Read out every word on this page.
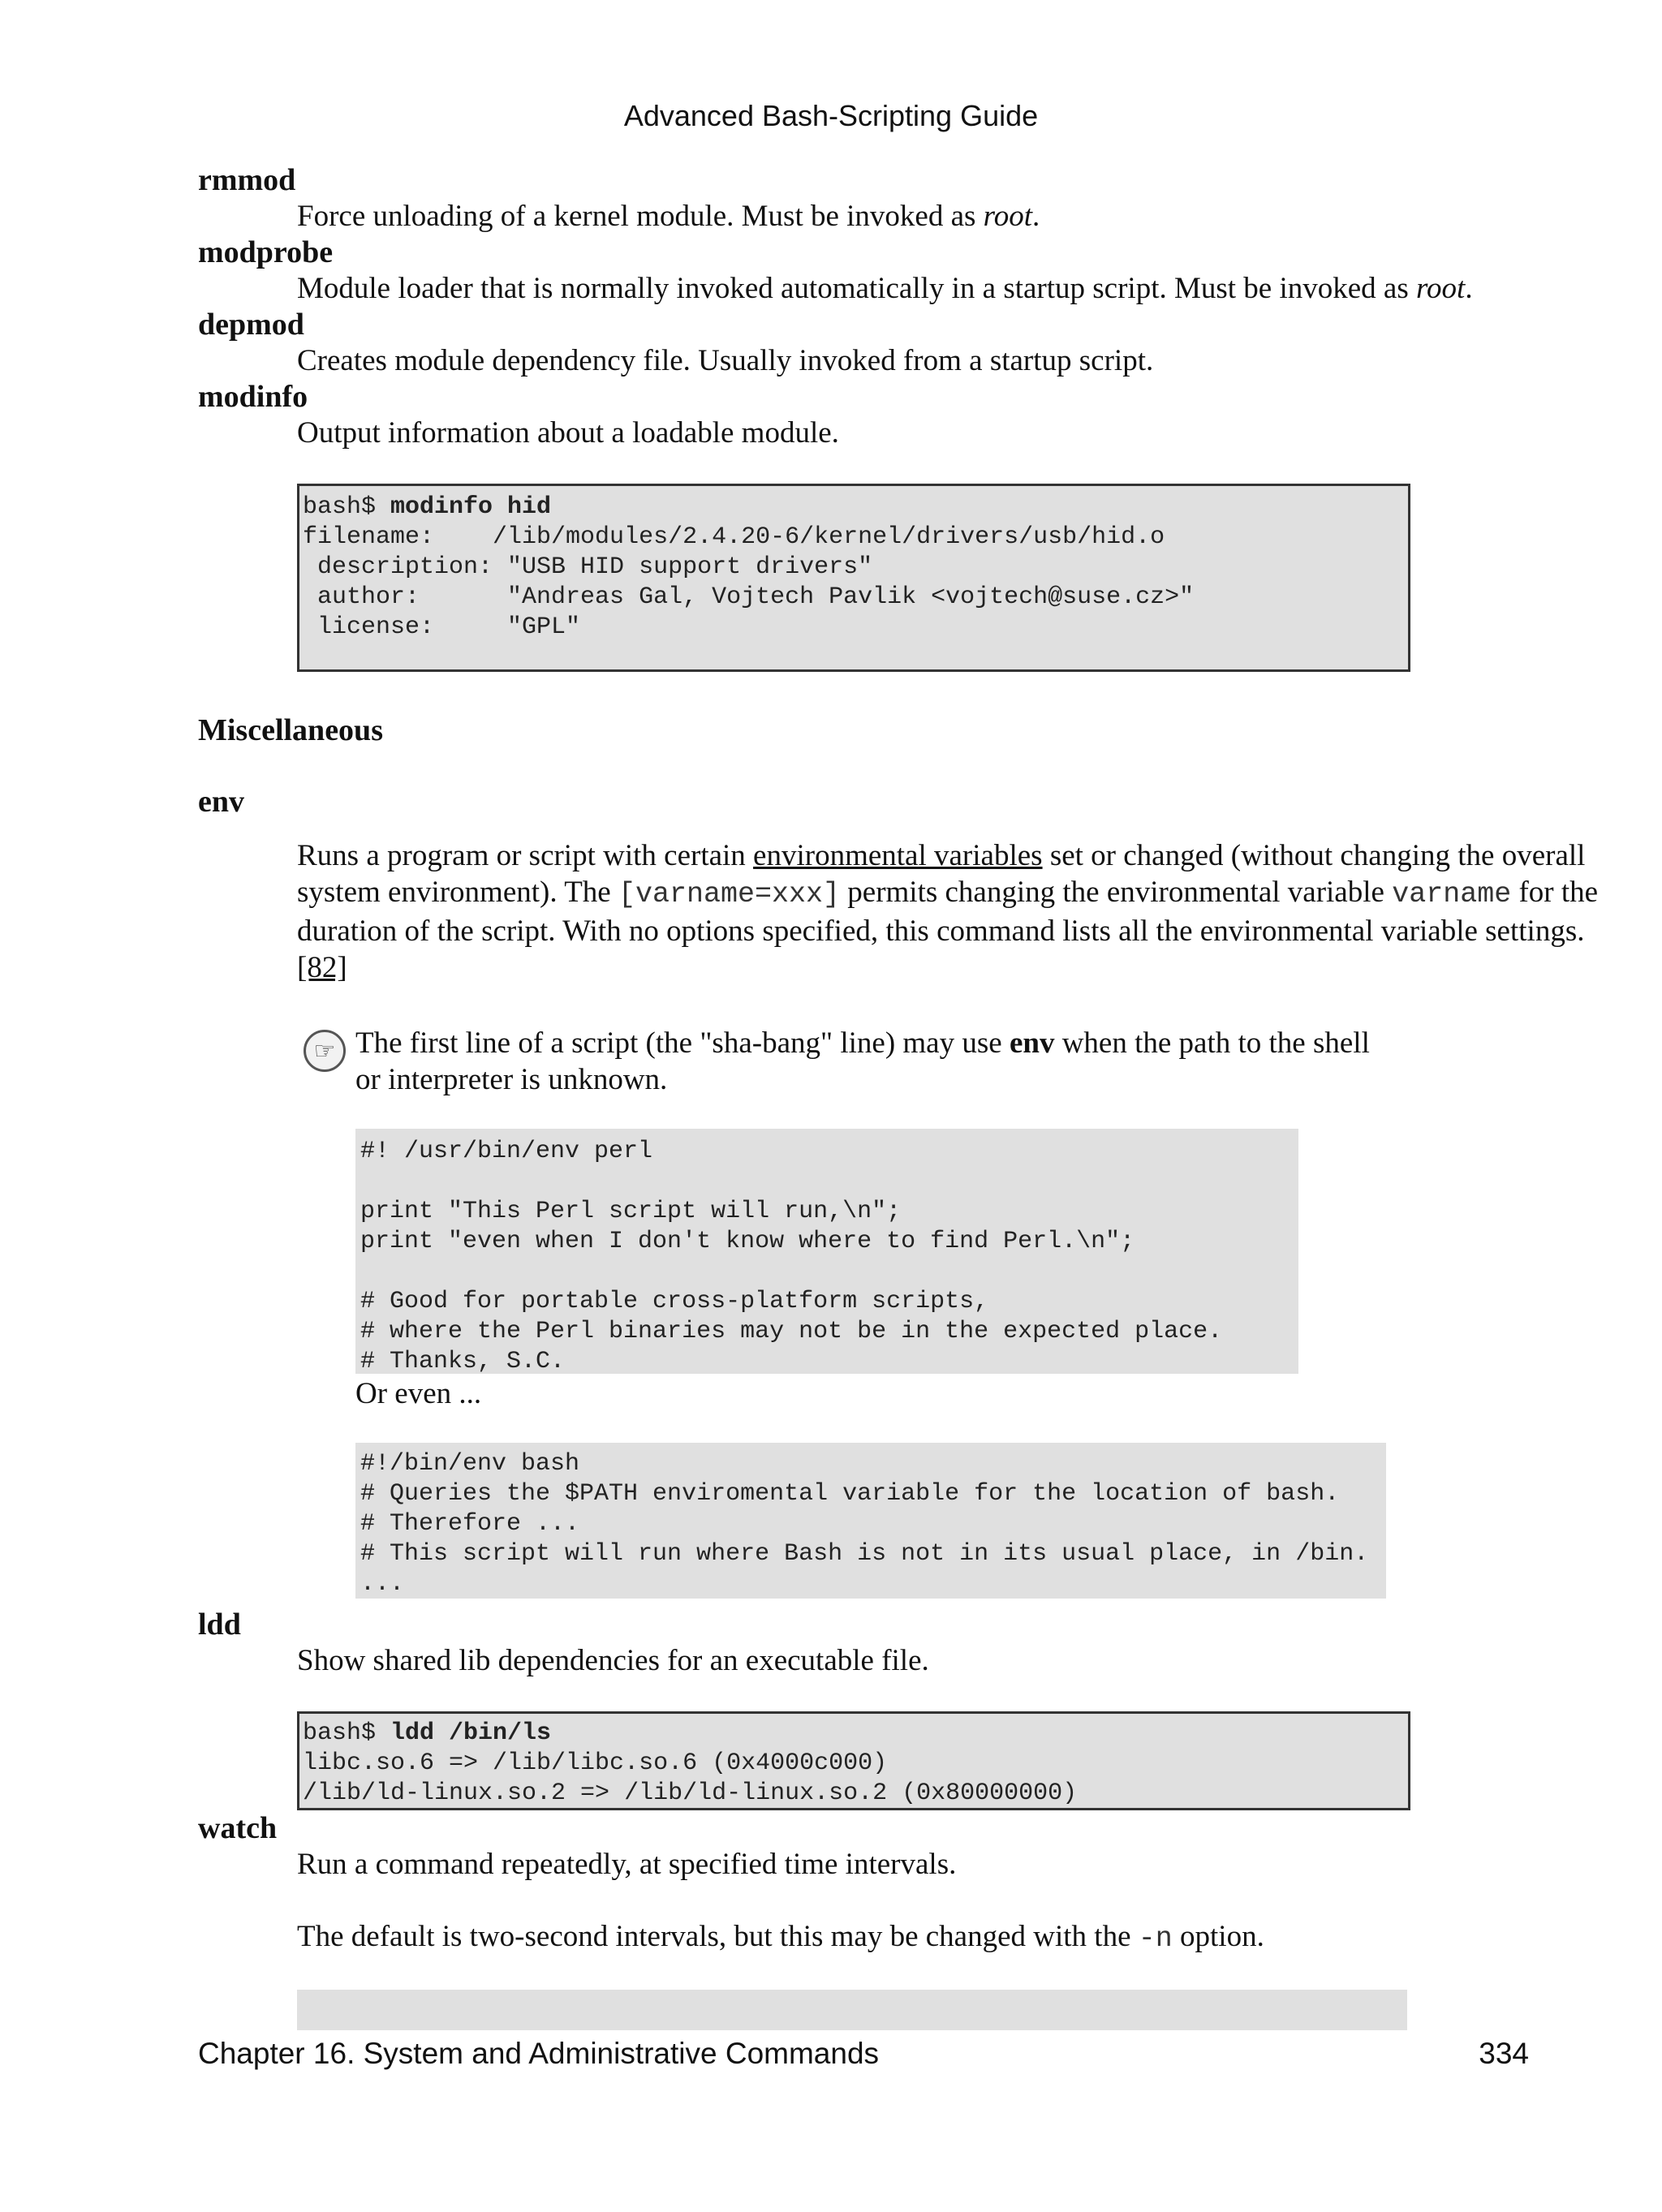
Advanced Bash-Scripting Guide
rmmod
Force unloading of a kernel module. Must be invoked as root.
modprobe
Module loader that is normally invoked automatically in a startup script. Must be invoked as root.
depmod
Creates module dependency file. Usually invoked from a startup script.
modinfo
Output information about a loadable module.
bash$ modinfo hid
filename:    /lib/modules/2.4.20-6/kernel/drivers/usb/hid.o
description: "USB HID support drivers"
author:      "Andreas Gal, Vojtech Pavlik <vojtech@suse.cz>"
license:     "GPL"

Miscellaneous
env
Runs a program or script with certain environmental variables set or changed (without changing the overall system environment). The [varname=xxx] permits changing the environmental variable varname for the duration of the script. With no options specified, this command lists all the environmental variable settings. [82]
☞ The first line of a script (the "sha-bang" line) may use env when the path to the shell or interpreter is unknown.
#! /usr/bin/env perl

print "This Perl script will run,\n";
print "even when I don't know where to find Perl.\n";

# Good for portable cross-platform scripts,
# where the Perl binaries may not be in the expected place.
# Thanks, S.C.
Or even ...
#!/bin/env bash
# Queries the $PATH enviromental variable for the location of bash.
# Therefore ...
# This script will run where Bash is not in its usual place, in /bin.
...
ldd
Show shared lib dependencies for an executable file.
bash$ ldd /bin/ls
libc.so.6 => /lib/libc.so.6 (0x4000c000)
/lib/ld-linux.so.2 => /lib/ld-linux.so.2 (0x80000000)
watch
Run a command repeatedly, at specified time intervals.
The default is two-second intervals, but this may be changed with the -n option.
Chapter 16. System and Administrative Commands	334
